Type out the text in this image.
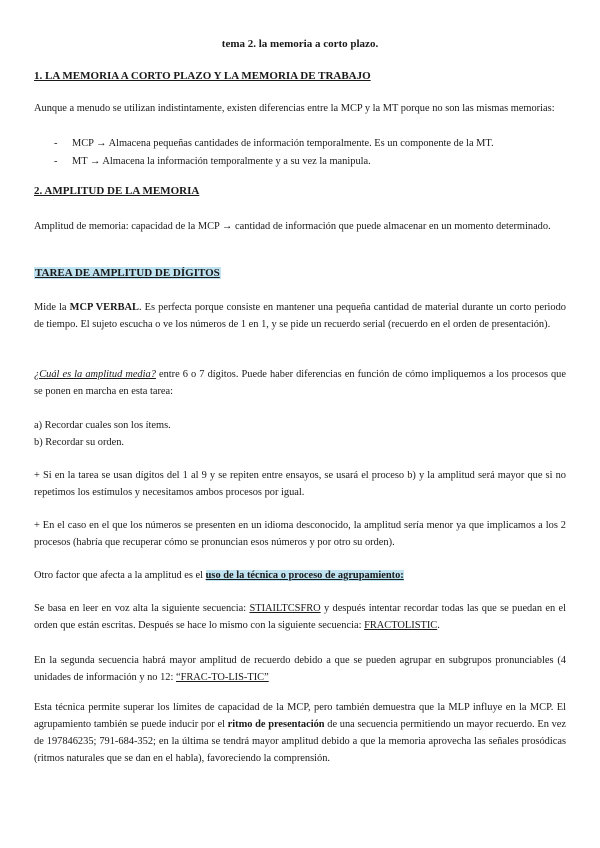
tema 2. la memoria a corto plazo.
1. LA MEMORIA A CORTO PLAZO Y LA MEMORIA DE TRABAJO

Aunque a menudo se utilizan indistintamente, existen diferencias entre la MCP y la MT porque no son las mismas memorias:

- MCP → Almacena pequeñas cantidades de información temporalmente. Es un componente de la MT.
- MT → Almacena la información temporalmente y a su vez la manipula.
2. AMPLITUD DE LA MEMORIA

Amplitud de memoria: capacidad de la MCP → cantidad de información que puede almacenar en un momento determinado.

TAREA DE AMPLITUD DE DÍGITOS

Mide la MCP VERBAL. Es perfecta porque consiste en mantener una pequeña cantidad de material durante un corto periodo de tiempo. El sujeto escucha o ve los números de 1 en 1, y se pide un recuerdo serial (recuerdo en el orden de presentación).

¿Cuál es la amplitud media? entre 6 o 7 dígitos. Puede haber diferencias en función de cómo impliquemos a los procesos que se ponen en marcha en esta tarea:

a) Recordar cuales son los ítems.
b) Recordar su orden.

+ Si en la tarea se usan dígitos del 1 al 9 y se repiten entre ensayos, se usará el proceso b) y la amplitud será mayor que si no repetimos los estímulos y necesitamos ambos procesos por igual.

+ En el caso en el que los números se presenten en un idioma desconocido, la amplitud sería menor ya que implicamos a los 2 procesos (habría que recuperar cómo se pronuncian esos números y por otro su orden).

Otro factor que afecta a la amplitud es el uso de la técnica o proceso de agrupamiento:

Se basa en leer en voz alta la siguiente secuencia: STIAILTCSFRO y después intentar recordar todas las que se puedan en el orden que están escritas. Después se hace lo mismo con la siguiente secuencia: FRACTOLISTIC.

En la segunda secuencia habrá mayor amplitud de recuerdo debido a que se pueden agrupar en subgrupos pronunciables (4 unidades de información y no 12: “FRAC-TO-LIS-TIC”

Esta técnica permite superar los límites de capacidad de la MCP, pero también demuestra que la MLP influye en la MCP. El agrupamiento también se puede inducir por el ritmo de presentación de una secuencia permitiendo un mayor recuerdo. En vez de 197846235; 791-684-352; en la última se tendrá mayor amplitud debido a que la memoria aprovecha las señales prosódicas (ritmos naturales que se dan en el habla), favoreciendo la comprensión.
